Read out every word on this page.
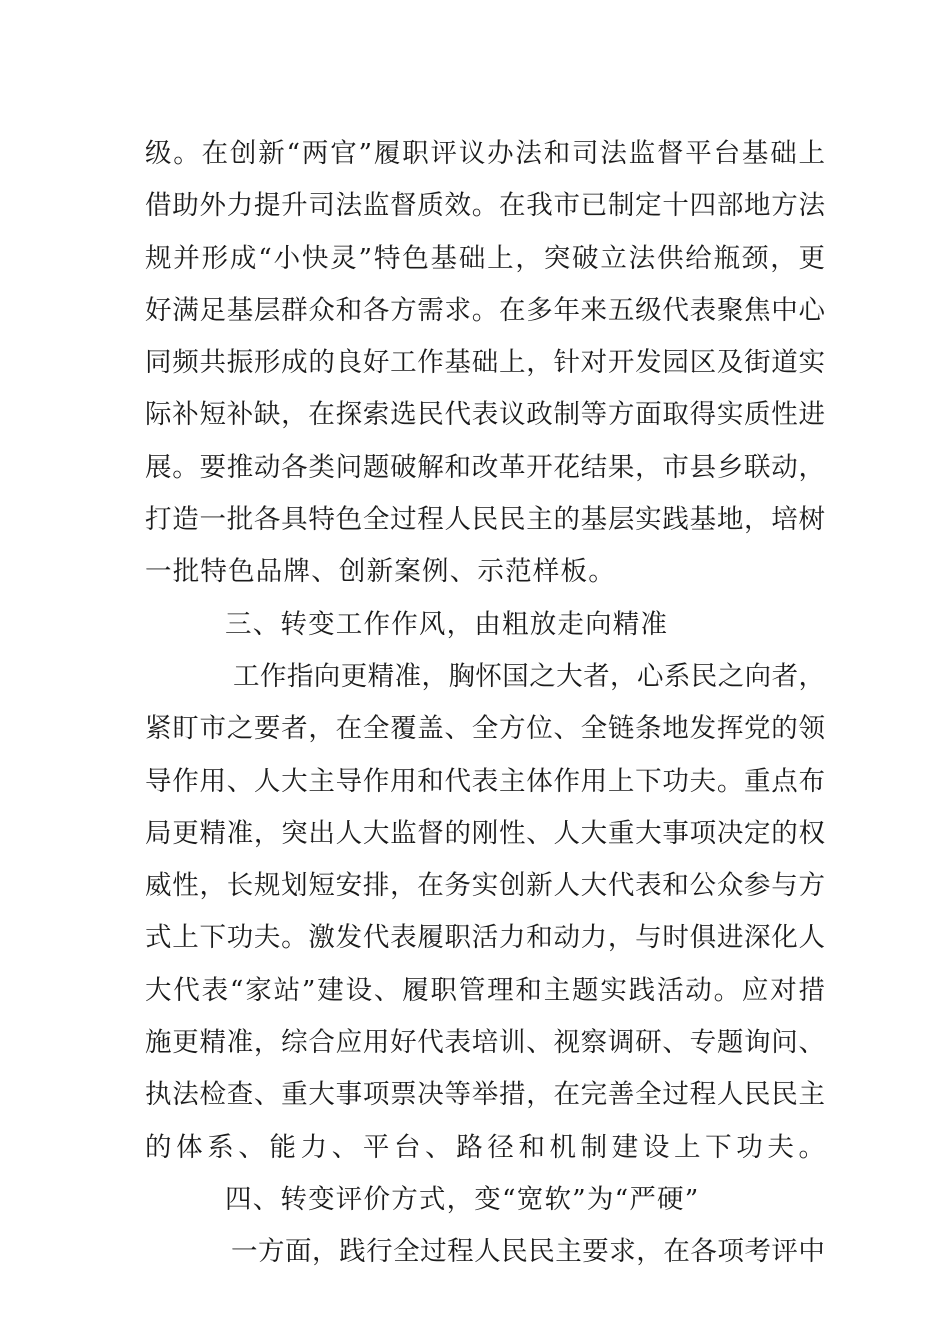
级。在创新“两官”履职评议办法和司法监督平台基础上
借助外力提升司法监督质效。在我市已制定十四部地方法
规并形成“小快灵”特色基础上，突破立法供给瓶颈，更
好满足基层群众和各方需求。在多年来五级代表聚焦中心
同频共振形成的良好工作基础上，针对开发园区及街道实
际补短补缺，在探索选民代表议政制等方面取得实质性进
展。要推动各类问题破解和改革开花结果，市县乡联动，
打造一批各具特色全过程人民民主的基层实践基地，培树
一批特色品牌、创新案例、示范样板。
三、转变工作作风，由粗放走向精准
工作指向更精准，胸怀国之大者，心系民之向者，
紧盯市之要者，在全覆盖、全方位、全链条地发挥党的领
导作用、人大主导作用和代表主体作用上下功夫。重点布
局更精准，突出人大监督的刚性、人大重大事项决定的权
威性，长规划短安排，在务实创新人大代表和公众参与方
式上下功夫。激发代表履职活力和动力，与时俱进深化人
大代表“家站”建设、履职管理和主题实践活动。应对措
施更精准，综合应用好代表培训、视察调研、专题询问、
执法检查、重大事项票决等举措，在完善全过程人民民主
的体系、能力、平台、路径和机制建设上下功夫。
四、转变评价方式，变“宽软”为“严硬”
一方面，践行全过程人民民主要求，在各项考评中
